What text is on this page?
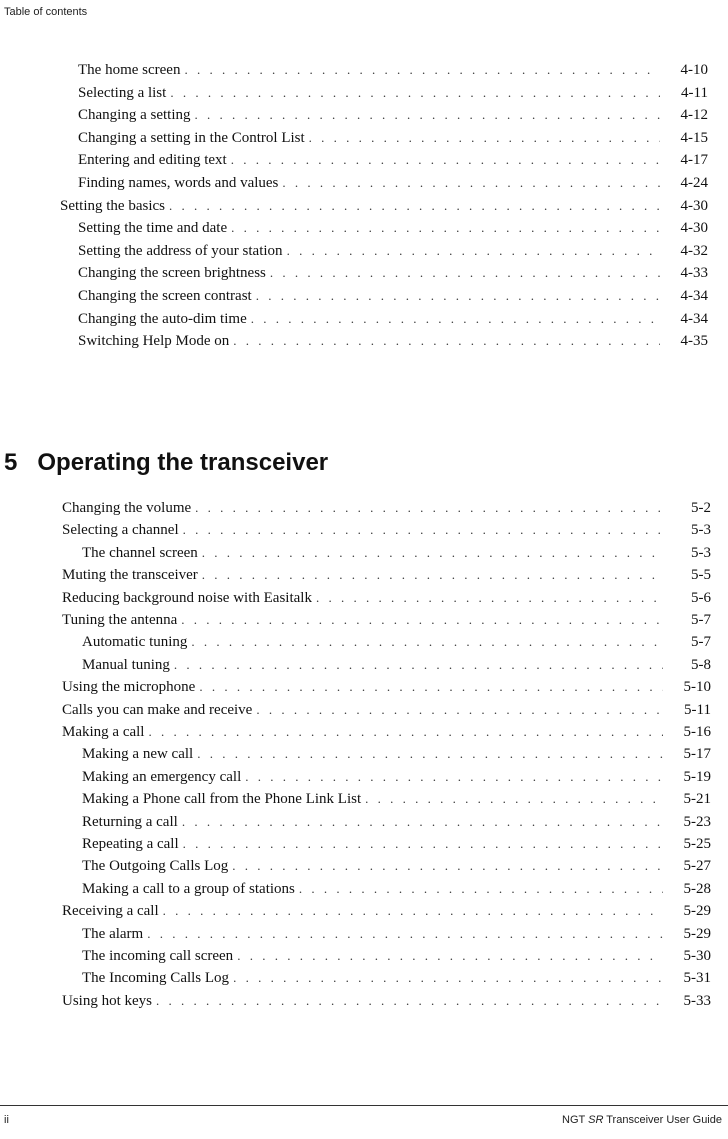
Table of contents
The home screen . . .	4-10
Selecting a list . . .	4-11
Changing a setting . . .	4-12
Changing a setting in the Control List . . .	4-15
Entering and editing text . . .	4-17
Finding names, words and values . . .	4-24
Setting the basics . . .	4-30
Setting the time and date . . .	4-30
Setting the address of your station . . .	4-32
Changing the screen brightness . . .	4-33
Changing the screen contrast . . .	4-34
Changing the auto-dim time . . .	4-34
Switching Help Mode on . . .	4-35
5 Operating the transceiver
Changing the volume . . .	5-2
Selecting a channel . . .	5-3
The channel screen . . .	5-3
Muting the transceiver . . .	5-5
Reducing background noise with Easitalk . . .	5-6
Tuning the antenna . . .	5-7
Automatic tuning . . .	5-7
Manual tuning . . .	5-8
Using the microphone . . .	5-10
Calls you can make and receive . . .	5-11
Making a call . . .	5-16
Making a new call . . .	5-17
Making an emergency call . . .	5-19
Making a Phone call from the Phone Link List . . .	5-21
Returning a call . . .	5-23
Repeating a call . . .	5-25
The Outgoing Calls Log . . .	5-27
Making a call to a group of stations . . .	5-28
Receiving a call . . .	5-29
The alarm . . .	5-29
The incoming call screen . . .	5-30
The Incoming Calls Log . . .	5-31
Using hot keys . . .	5-33
ii	NGT SR Transceiver User Guide
